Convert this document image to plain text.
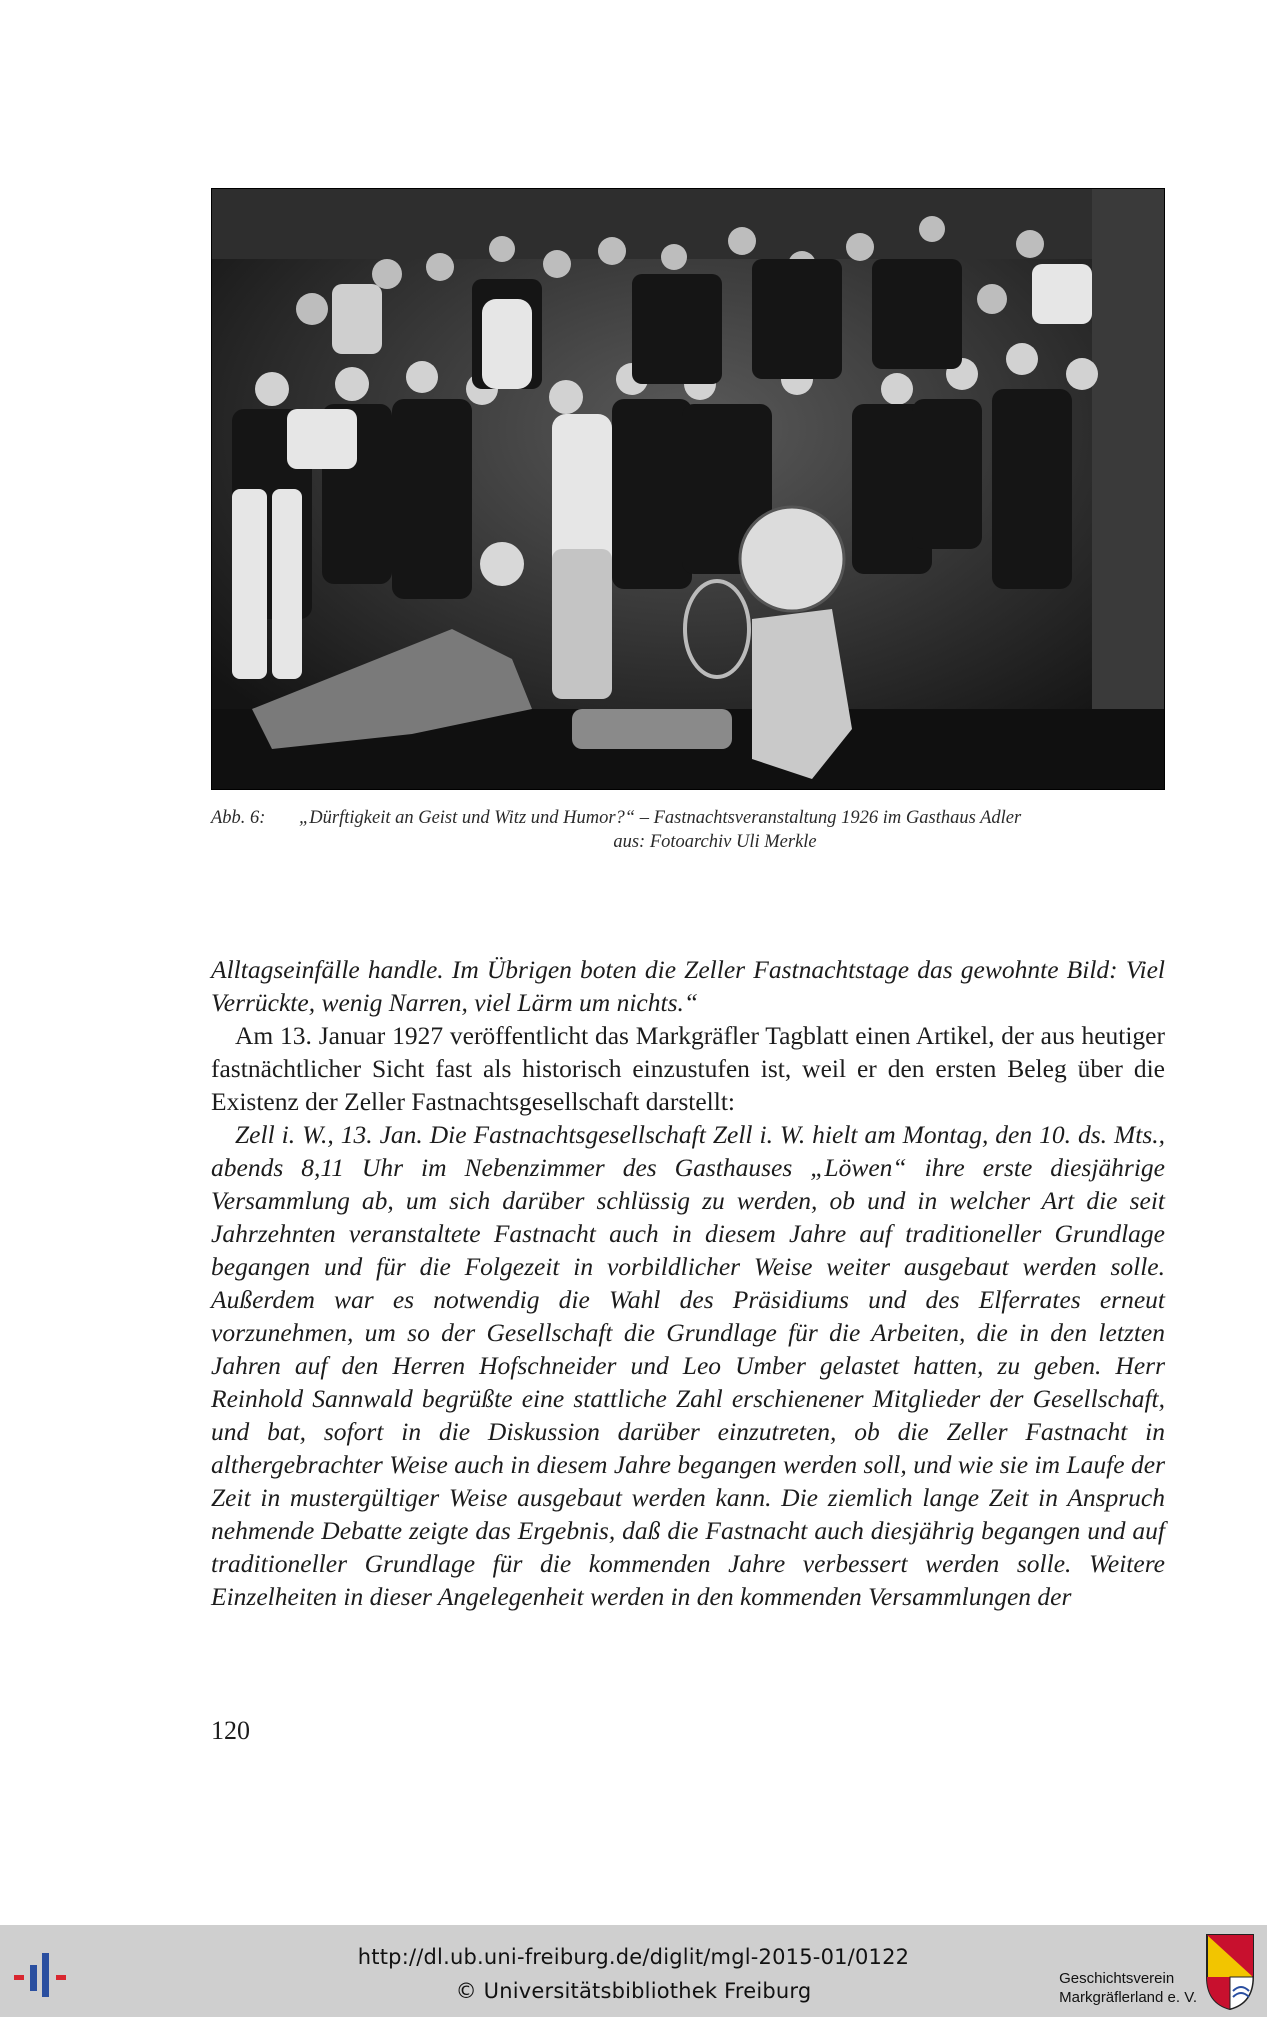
Abb. 6:	„Dürftigkeit an Geist und Witz und Humor?“ – Fastnachtsveranstaltung 1926 im Gasthaus Adler
aus: Fotoarchiv Uli Merkle

Alltagseinfälle handle. Im Übrigen boten die Zeller Fastnachtstage das gewohnte Bild: Viel Verrückte, wenig Narren, viel Lärm um nichts.“

Am 13. Januar 1927 veröffentlicht das Markgräfler Tagblatt einen Artikel, der aus heutiger fastnächtlicher Sicht fast als historisch einzustufen ist, weil er den ersten Beleg über die Existenz der Zeller Fastnachtsgesellschaft darstellt:

Zell i. W., 13. Jan. Die Fastnachtsgesellschaft Zell i. W. hielt am Montag, den 10. ds. Mts., abends 8,11 Uhr im Nebenzimmer des Gasthauses „Löwen“ ihre erste diesjährige Versammlung ab, um sich darüber schlüssig zu werden, ob und in welcher Art die seit Jahrzehnten veranstaltete Fastnacht auch in diesem Jahre auf traditioneller Grundlage begangen und für die Folgezeit in vorbildlicher Weise weiter ausgebaut werden solle. Außerdem war es notwendig die Wahl des Präsidiums und des Elferrates erneut vorzunehmen, um so der Gesellschaft die Grundlage für die Arbeiten, die in den letzten Jahren auf den Herren Hofschneider und Leo Umber gelastet hatten, zu geben. Herr Reinhold Sannwald begrüßte eine stattliche Zahl erschienener Mitglieder der Gesellschaft, und bat, sofort in die Diskussion darüber einzutreten, ob die Zeller Fastnacht in althergebrachter Weise auch in diesem Jahre begangen werden soll, und wie sie im Laufe der Zeit in mustergültiger Weise ausgebaut werden kann. Die ziemlich lange Zeit in Anspruch nehmende Debatte zeigte das Ergebnis, daß die Fastnacht auch diesjährig begangen und auf traditioneller Grundlage für die kommenden Jahre verbessert werden solle. Weitere Einzelheiten in dieser Angelegenheit werden in den kommenden Versammlungen der

120
http://dl.ub.uni-freiburg.de/diglit/mgl-2015-01/0122
© Universitätsbibliothek Freiburg
Geschichtsverein
Markgräflerland e. V.
